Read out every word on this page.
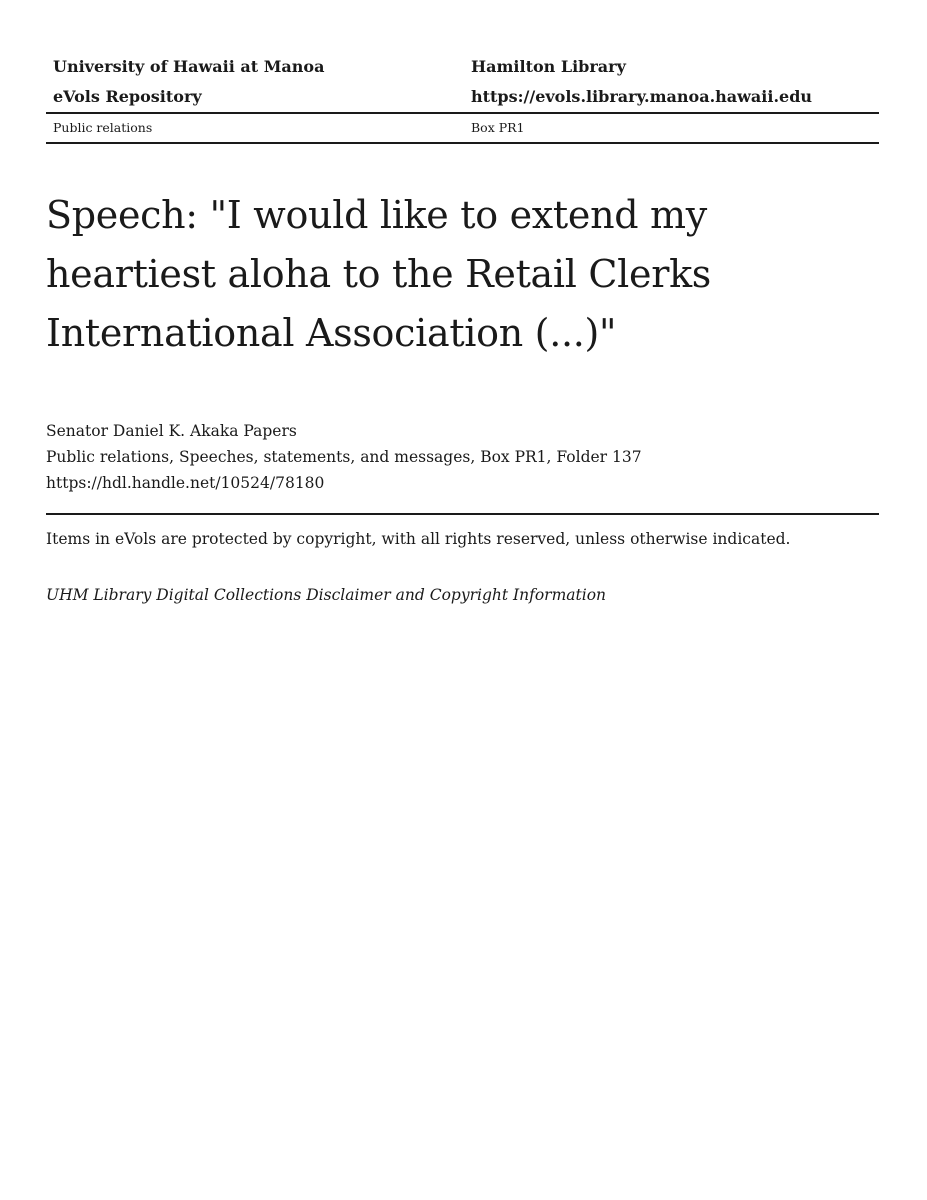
University of Hawaii at Manoa	Hamilton Library
eVols Repository	https://evols.library.manoa.hawaii.edu
Public relations	Box PR1
Speech: "I would like to extend my
heartiest aloha to the Retail Clerks
International Association (...)"
Senator Daniel K. Akaka Papers
Public relations, Speeches, statements, and messages, Box PR1, Folder 137
https://hdl.handle.net/10524/78180
Items in eVols are protected by copyright, with all rights reserved, unless otherwise indicated.
UHM Library Digital Collections Disclaimer and Copyright Information
